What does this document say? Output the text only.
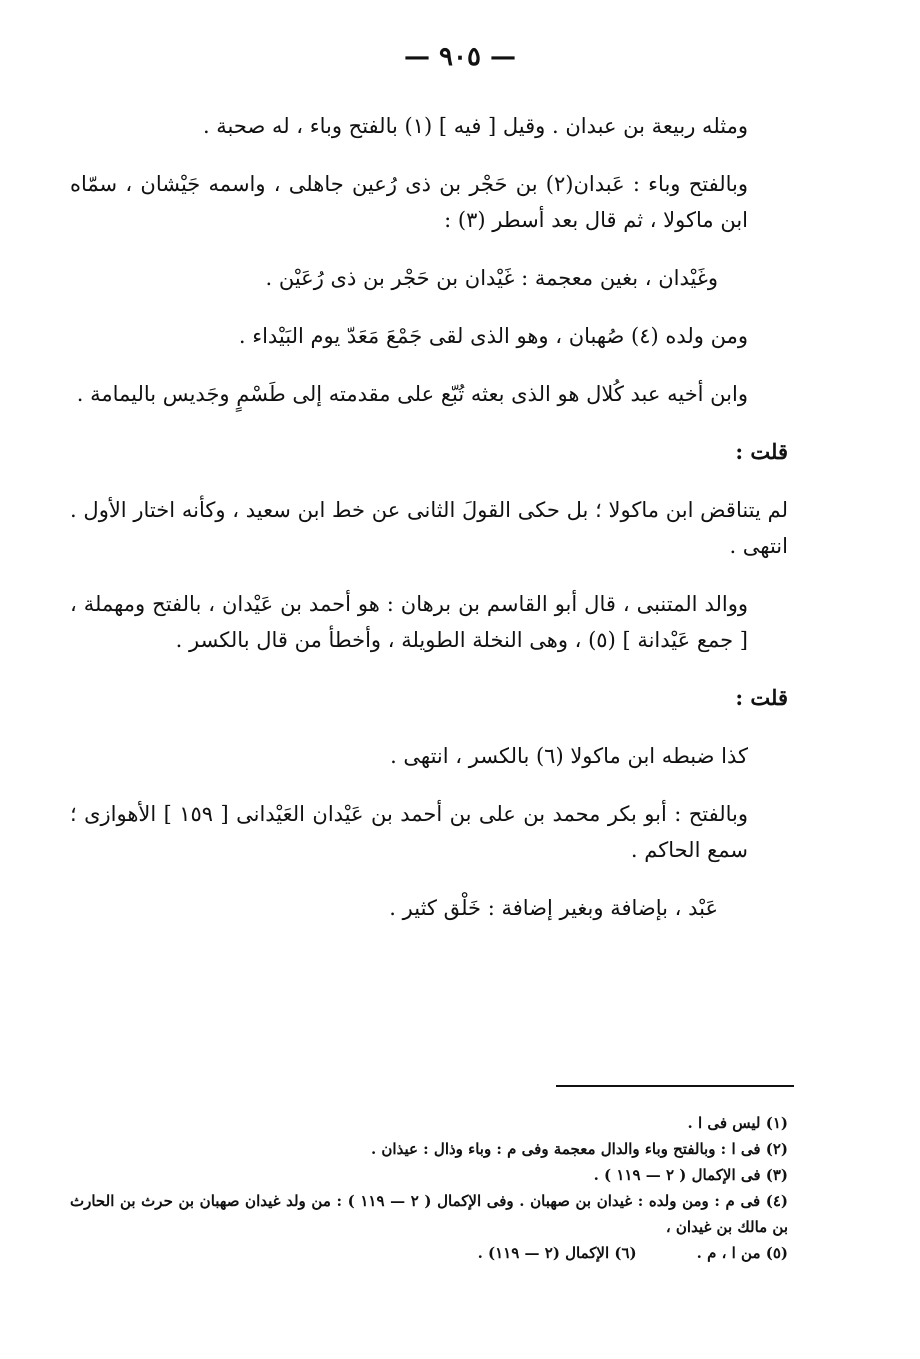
— ٩٠٥ —

ومثله ربيعة بن عبدان . وقيل [ فيه ] (١) بالفتح وباء ، له صحبة .

وبالفتح وباء : عَبدان(٢) بن حَجْر بن ذى رُعين جاهلى ، واسمه جَيْشان ، سمّاه ابن ماكولا ، ثم قال بعد أسطر (٣) :

وغَيْدان ، بغين معجمة : غَيْدان بن حَجْر بن ذى رُعَيْن .

ومن ولده (٤) صُهبان ، وهو الذى لقى جَمْعَ مَعَدّ يوم البَيْداء .

وابن أخيه عبد كُلال هو الذى بعثه تُبّع على مقدمته إلى طَسْمٍ وجَديس باليمامة .

قلت :

لم يتناقض ابن ماكولا ؛ بل حكى القولَ الثانى عن خط ابن سعيد ، وكأنه اختار الأول . انتهى .

ووالد المتنبى ، قال أبو القاسم بن برهان : هو أحمد بن عَيْدان ، بالفتح ومهملة ، [ جمع عَيْدانة ] (٥) ، وهى النخلة الطويلة ، وأخطأ من قال بالكسر .

قلت :

كذا ضبطه ابن ماكولا (٦) بالكسر ، انتهى .

وبالفتح : أبو بكر محمد بن على بن أحمد بن عَيْدان العَيْدانى [ ١٥٩ ] الأهوازى ؛ سمع الحاكم .

عَبْد ، بإضافة وبغير إضافة : خَلْق كثير .

(١) ليس فى ا .

(٢) فى ا : وبالفتح وباء والدال معجمة وفى م : وباء وذال : عيذان .

(٣) فى الإكمال ( ٢ — ١١٩ ) .

(٤) فى م : ومن ولده : غيدان بن صهبان . وفى الإكمال ( ٢ — ١١٩ ) : من ولد غيدان صهبان بن حرث بن الحارث بن مالك بن غيدان ،

(٥) من ا ، م .
(٦) الإكمال (٢ — ١١٩) .
